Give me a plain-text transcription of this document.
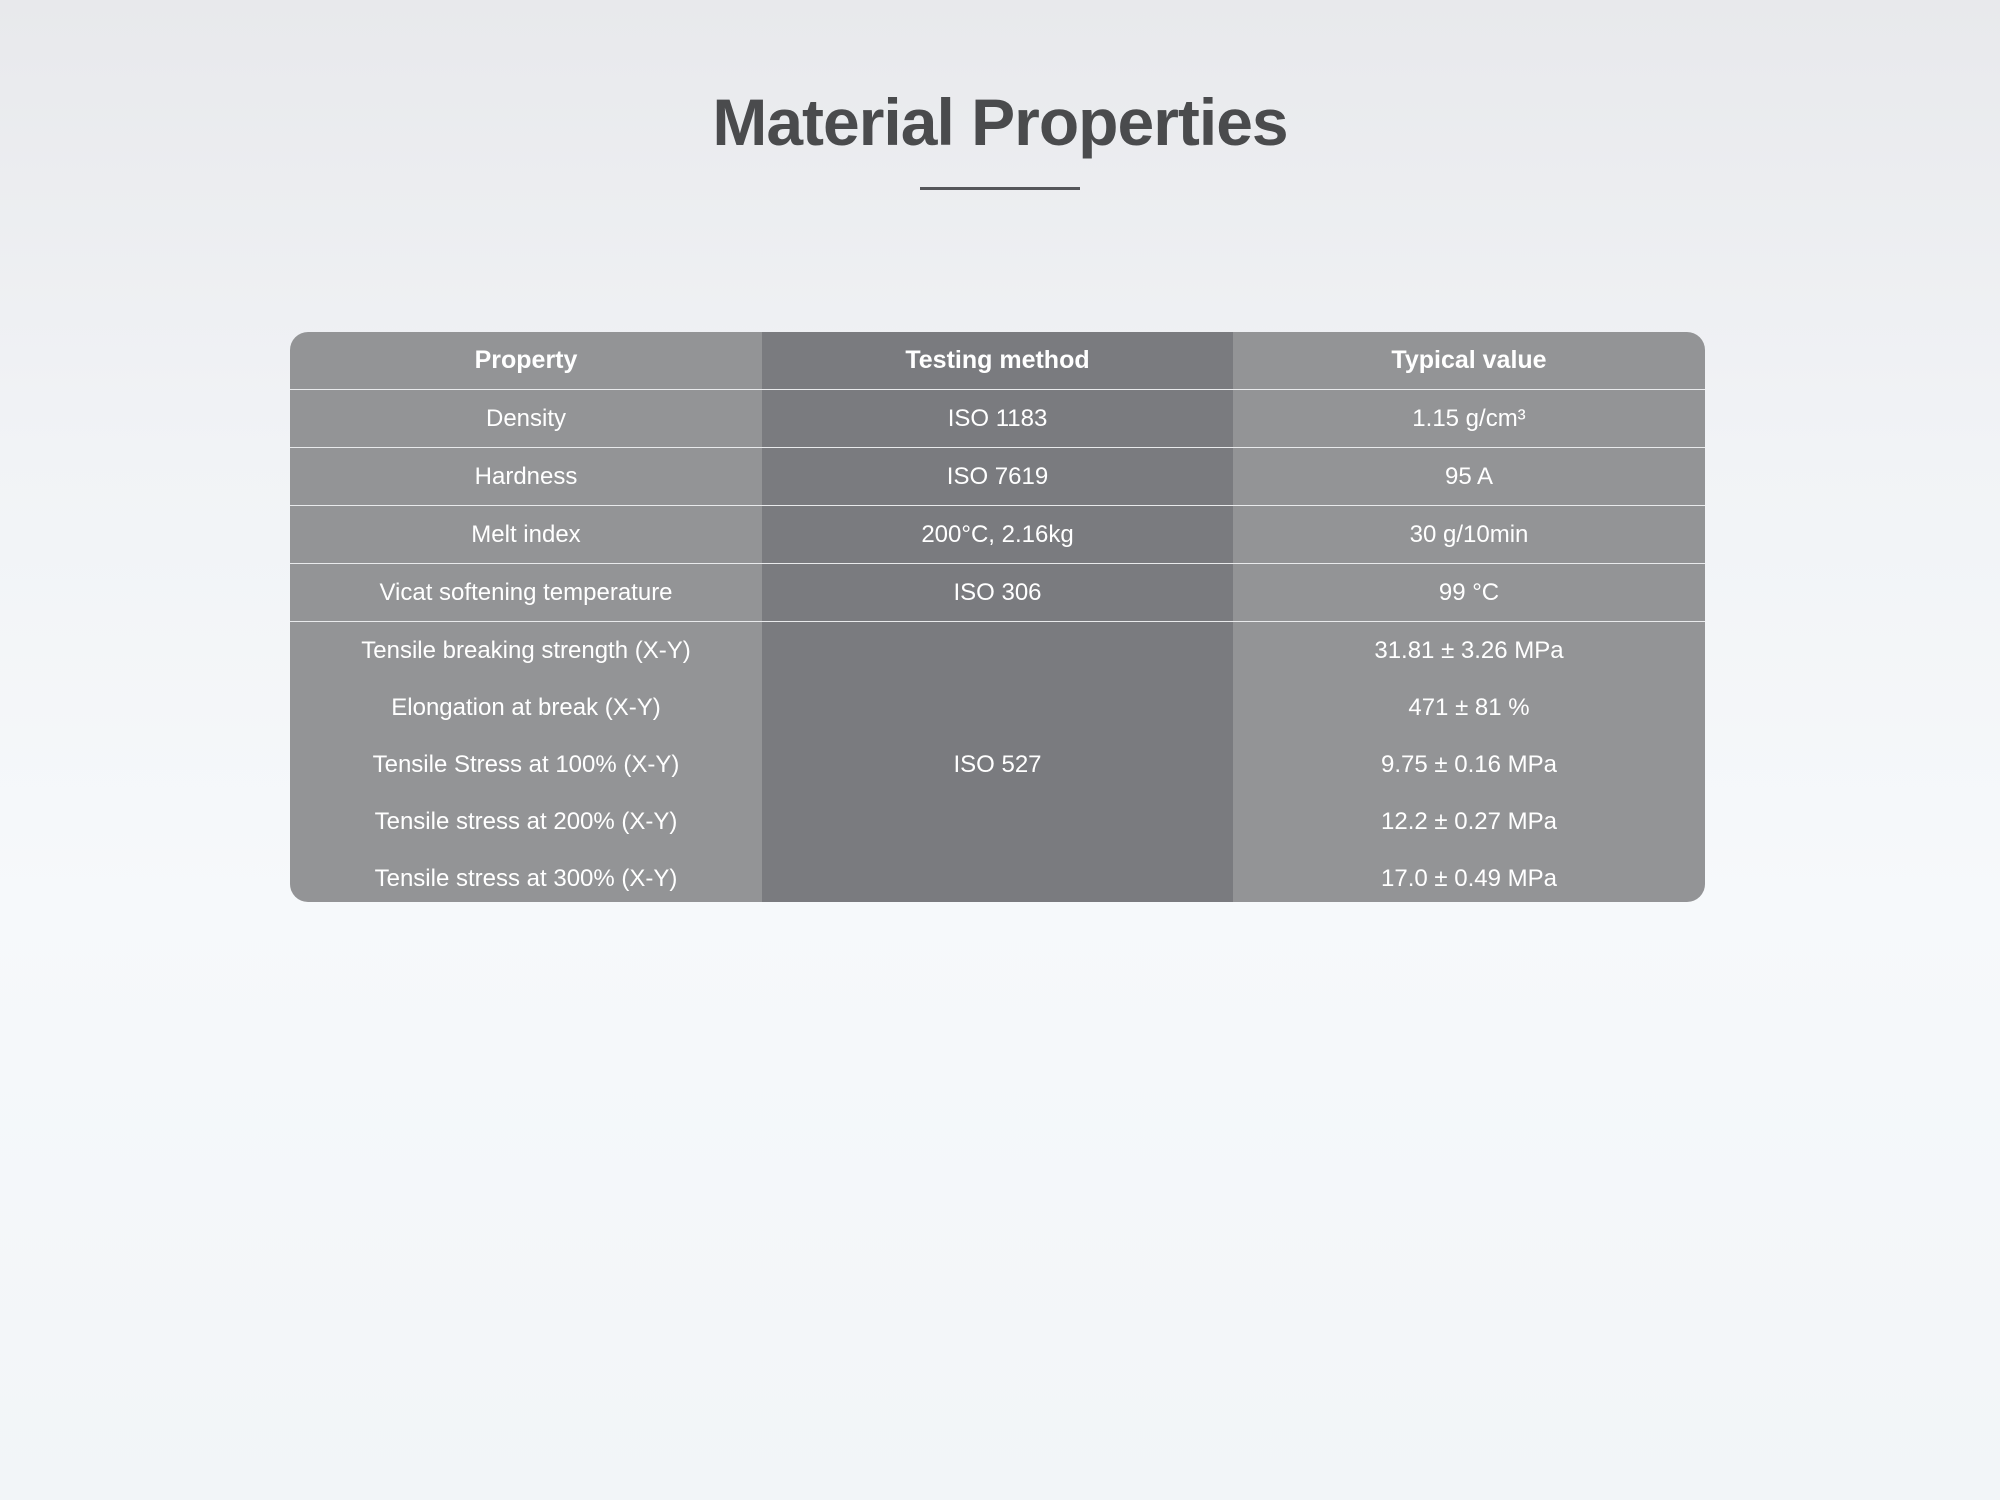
Material Properties
Property	Testing method	Typical value
Density	ISO 1183	1.15 g/cm³
Hardness	ISO 7619	95 A
Melt index	200°C, 2.16kg	30 g/10min
Vicat softening temperature	ISO 306	99 °C
Tensile breaking strength (X-Y)	ISO 527	31.81 ± 3.26 MPa
Elongation at break (X-Y)		471 ± 81 %
Tensile Stress at 100% (X-Y)		9.75 ± 0.16 MPa
Tensile stress at 200% (X-Y)		12.2 ± 0.27 MPa
Tensile stress at 300% (X-Y)		17.0 ± 0.49 MPa
